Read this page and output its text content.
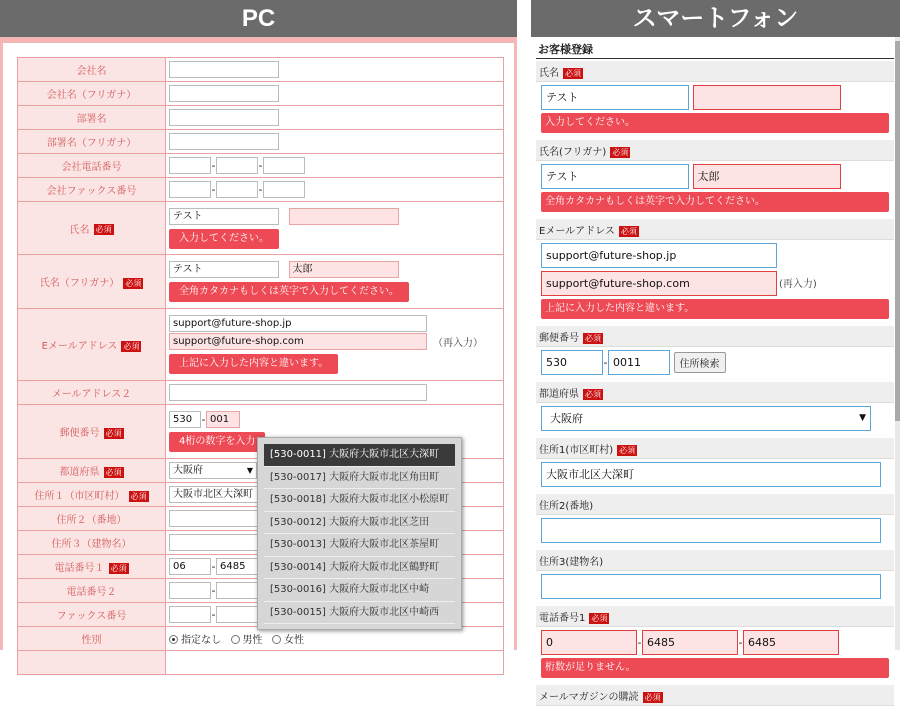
PC	スマートフォン
会社名	
会社名（フリガナ）	
部署名	
部署名（フリガナ）	
会社電話番号	- -
会社ファックス番号	- -
氏名 必須	テスト
入力してください。

氏名（フリガナ） 必須	テスト 太郎
全角カタカナもしくは英字で入力してください。

Eメールアドレス 必須	support@future-shop.jp
support@future-shop.com （再入力）
上記に入力した内容と違います。

メールアドレス２	
郵便番号 必須	530 - 001
4桁の数字を入力

都道府県 必須	大阪府 ▼

住所１（市区町村） 必須	大阪市北区大深町
住所２（番地）	
住所３（建物名）	
電話番号１ 必須	06 - 6485
電話番号２	-
ファックス番号	-
性別	指定なし 男性 女性

[530-0011] 大阪府大阪市北区大深町
[530-0017] 大阪府大阪市北区角田町
[530-0018] 大阪府大阪市北区小松原町
[530-0012] 大阪府大阪市北区芝田
[530-0013] 大阪府大阪市北区茶屋町
[530-0014] 大阪府大阪市北区鶴野町
[530-0016] 大阪府大阪市北区中崎
[530-0015] 大阪府大阪市北区中崎西
お客様登録
氏名 必須
テスト
入力してください。
氏名(フリガナ) 必須
テスト	太郎
全角カタカナもしくは英字で入力してください。
Eメールアドレス 必須
support@future-shop.jp
support@future-shop.com	(再入力)
上記に入力した内容と違います。
郵便番号 必須
530	- 0011	住所検索
都道府県 必須
大阪府	▼
住所1(市区町村) 必須
大阪市北区大深町
住所2(番地)
住所3(建物名)
電話番号1 必須
0	- 6485	- 6485
桁数が足りません。
メールマガジンの購読 必須
